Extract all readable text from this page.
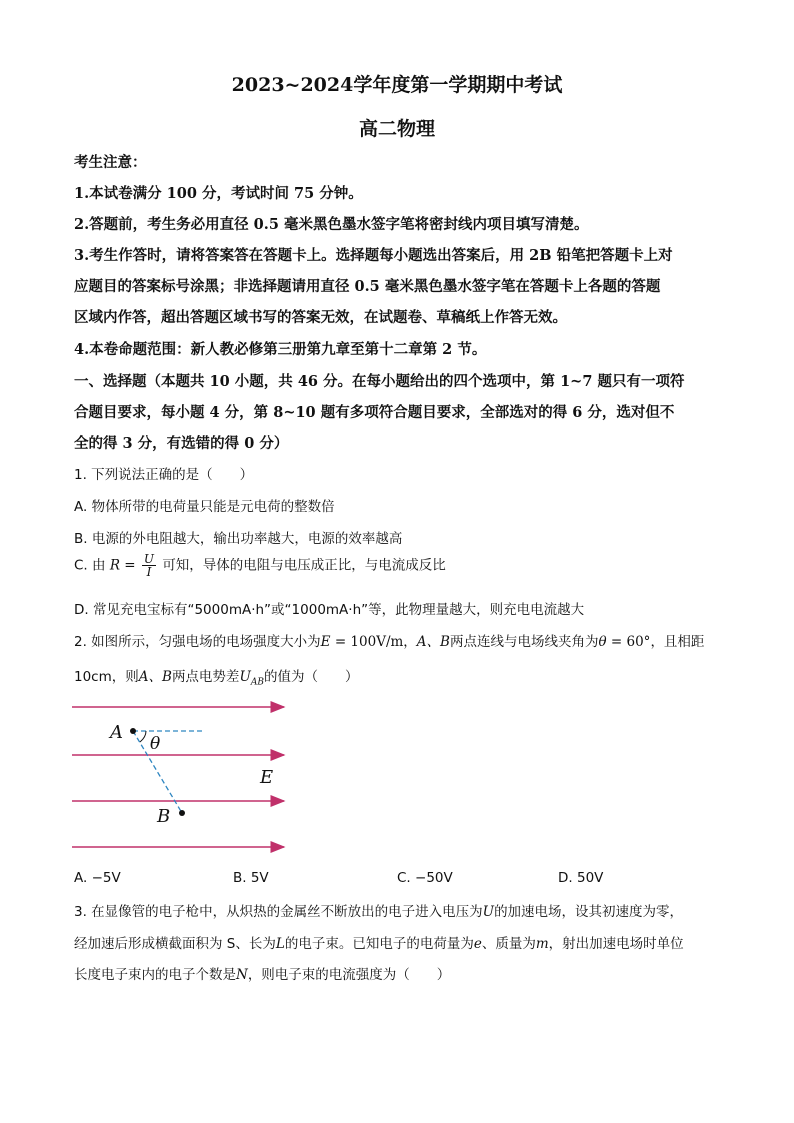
2023~2024学年度第一学期期中考试
高二物理
考生注意：
1.本试卷满分 100 分，考试时间 75 分钟。
2.答题前，考生务必用直径 0.5 毫米黑色墨水签字笔将密封线内项目填写清楚。
3.考生作答时，请将答案答在答题卡上。选择题每小题选出答案后，用 2B 铅笔把答题卡上对
应题目的答案标号涂黑；非选择题请用直径 0.5 毫米黑色墨水签字笔在答题卡上各题的答题
区域内作答，超出答题区域书写的答案无效，在试题卷、草稿纸上作答无效。
4.本卷命题范围：新人教必修第三册第九章至第十二章第 2 节。
一、选择题（本题共 10 小题，共 46 分。在每小题给出的四个选项中，第 1~7 题只有一项符
合题目要求，每小题 4 分，第 8~10 题有多项符合题目要求，全部选对的得 6 分，选对但不
全的得 3 分，有选错的得 0 分）
1. 下列说法正确的是（　　）
A. 物体所带的电荷量只能是元电荷的整数倍
B. 电源的外电阻越大，输出功率越大，电源的效率越高
C. 由 $R = \frac{U}{I}$ 可知，导体的电阻与电压成正比，与电流成反比
D. 常见充电宝标有“5000mA·h”或“1000mA·h”等，此物理量越大，则充电电流越大
2. 如图所示，匀强电场的电场强度大小为E = 100V/m，A、B两点连线与电场线夹角为θ = 60°，且相距
10cm，则A、B两点电势差$U_{AB}$的值为（　　）
A
θ
E
B
A. −5V	B. 5V	C. −50V	D. 50V
3. 在显像管的电子枪中，从炽热的金属丝不断放出的电子进入电压为U的加速电场，设其初速度为零，
经加速后形成横截面积为 S、长为L的电子束。已知电子的电荷量为e、质量为m，射出加速电场时单位
长度电子束内的电子个数是N，则电子束的电流强度为（　　）
